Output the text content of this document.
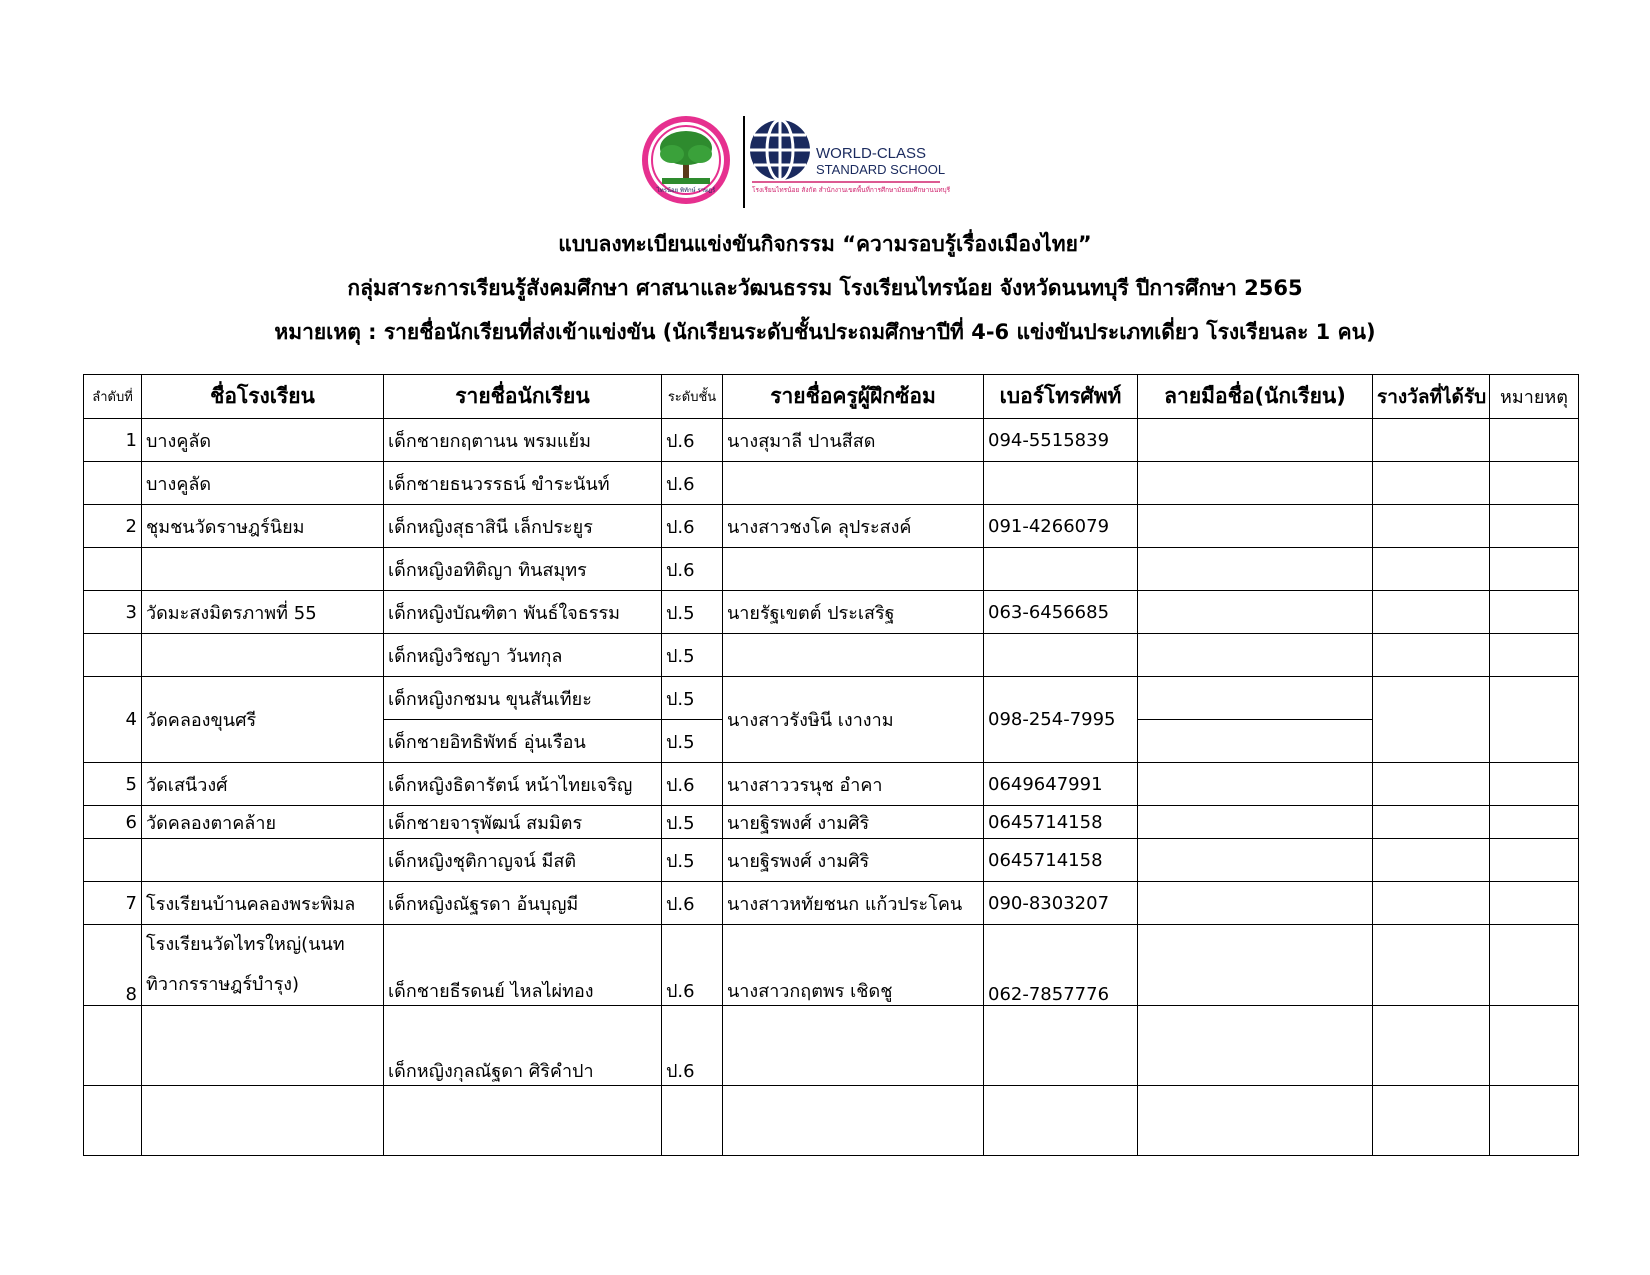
ไทรน้อย พิทักษ์ ราษฎร์
WORLD-CLASS
STANDARD SCHOOL
โรงเรียนไทรน้อย สังกัด สำนักงานเขตพื้นที่การศึกษามัธยมศึกษานนทบุรี
แบบลงทะเบียนแข่งขันกิจกรรม “ความรอบรู้เรื่องเมืองไทย”
กลุ่มสาระการเรียนรู้สังคมศึกษา ศาสนาและวัฒนธรรม โรงเรียนไทรน้อย จังหวัดนนทบุรี ปีการศึกษา 2565
หมายเหตุ : รายชื่อนักเรียนที่ส่งเข้าแข่งขัน (นักเรียนระดับชั้นประถมศึกษาปีที่ 4-6 แข่งขันประเภทเดี่ยว โรงเรียนละ 1 คน)
ลำดับที่	ชื่อโรงเรียน	รายชื่อนักเรียน	ระดับชั้น	รายชื่อครูผู้ฝึกซ้อม	เบอร์โทรศัพท์	ลายมือชื่อ(นักเรียน)	รางวัลที่ได้รับ	หมายหตุ
1	บางคูลัด	เด็กชายกฤตานน พรมแย้ม	ป.6	นางสุมาลี ปานสีสด	094-5515839			
	บางคูลัด	เด็กชายธนวรรธน์ ขำระนันท์	ป.6					
2	ชุมชนวัดราษฎร์นิยม	เด็กหญิงสุธาสินี เล็กประยูร	ป.6	นางสาวชงโค ลุประสงค์	091-4266079			
		เด็กหญิงอทิติญา ทินสมุทร	ป.6					
3	วัดมะสงมิตรภาพที่ 55	เด็กหญิงบัณฑิตา พันธ์ใจธรรม	ป.5	นายรัฐเขตต์ ประเสริฐ	063-6456685			
		เด็กหญิงวิชญา วันทกุล	ป.5					
4	วัดคลองขุนศรี	เด็กหญิงกชมน ขุนสันเทียะ	ป.5	นางสาวรังษินี เงางาม	098-254-7995			
		เด็กชายอิทธิพัทธ์ อุ่นเรือน	ป.5					
5	วัดเสนีวงศ์	เด็กหญิงธิดารัตน์ หน้าไทยเจริญ	ป.6	นางสาววรนุช อำคา	0649647991			
6	วัดคลองตาคล้าย	เด็กชายจารุพัฒน์ สมมิตร	ป.5	นายฐิรพงศ์ งามศิริ	0645714158			
		เด็กหญิงชุติกาญจน์ มีสติ	ป.5	นายฐิรพงศ์ งามศิริ	0645714158			
7	โรงเรียนบ้านคลองพระพิมล	เด็กหญิงณัฐรดา อ้นบุญมี	ป.6	นางสาวหทัยชนก แก้วประโคน	090-8303207			
8	โรงเรียนวัดไทรใหญ่(นนท
ทิวากรราษฎร์บำรุง)	เด็กชายธีรดนย์ ไหลไผ่ทอง	ป.6	นางสาวกฤตพร เชิดชู	062-7857776			
		เด็กหญิงกุลณัฐดา ศิริคำปา	ป.6					
